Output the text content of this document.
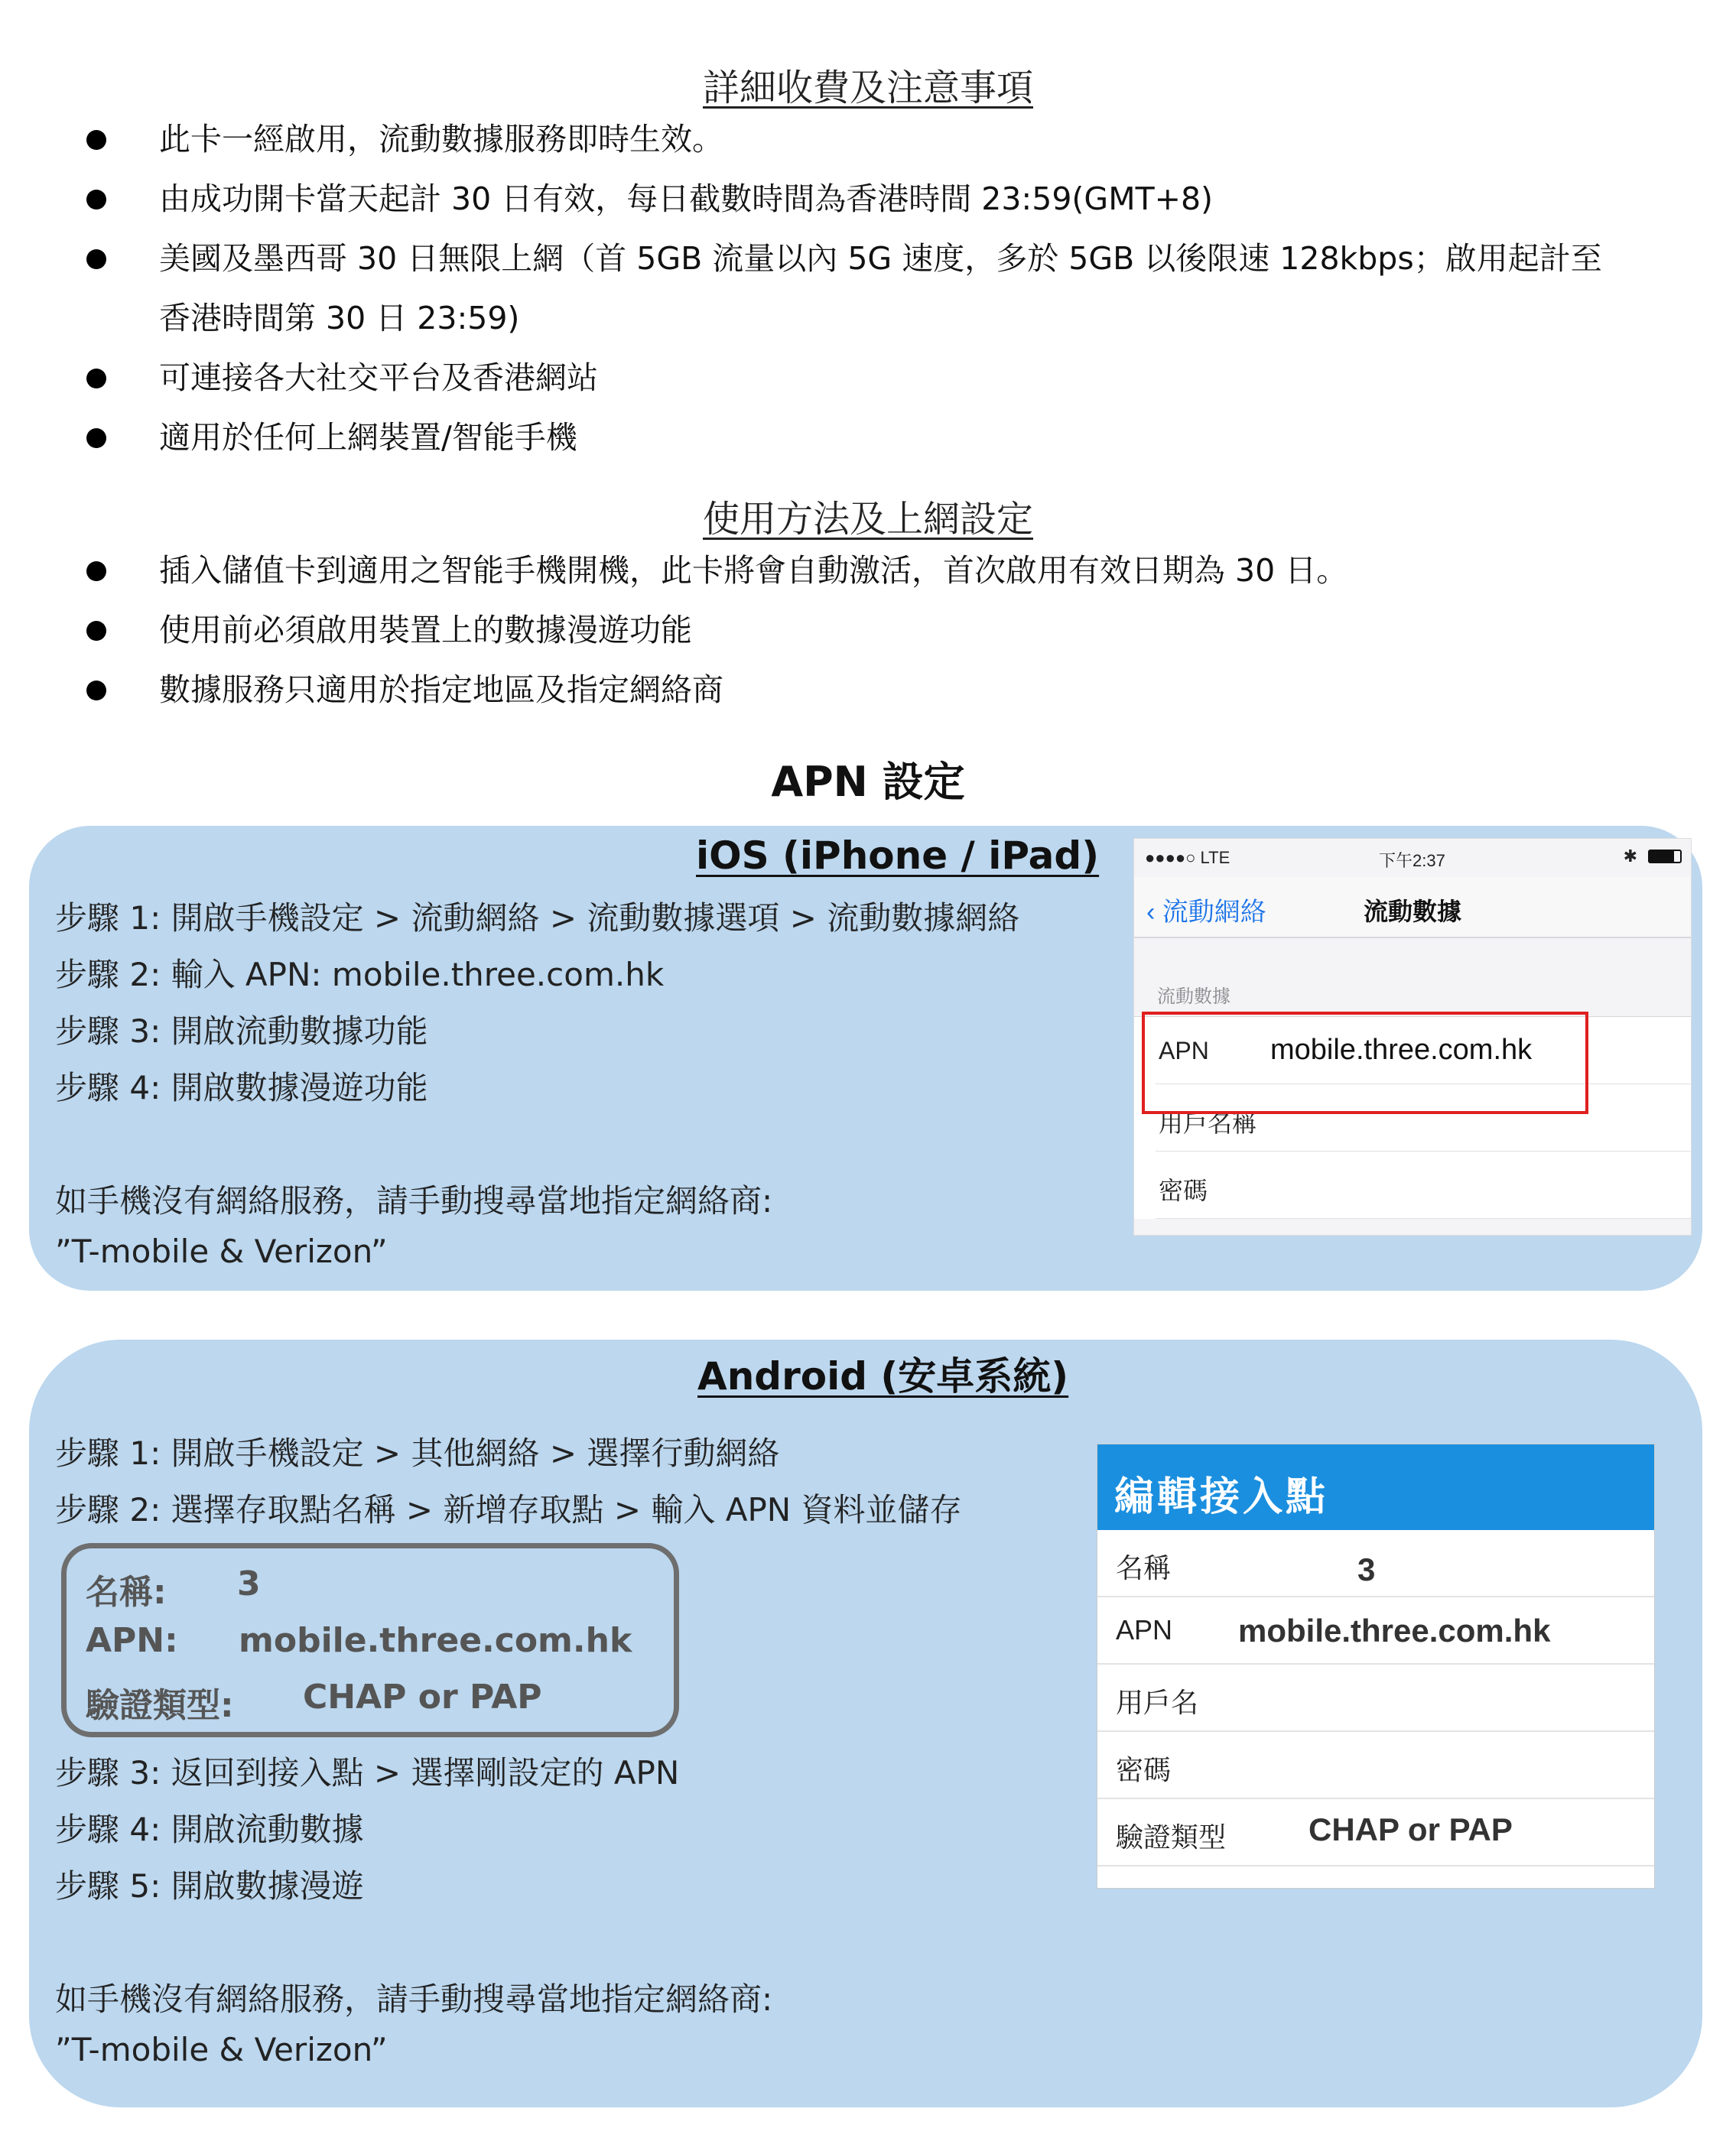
詳細收費及注意事項
此卡一經啟用，流動數據服務即時生效。
由成功開卡當天起計 30 日有效，每日截數時間為香港時間 23:59(GMT+8)
美國及墨西哥 30 日無限上網（首 5GB 流量以內 5G 速度，多於 5GB 以後限速 128kbps；啟用起計至
香港時間第 30 日 23:59)
可連接各大社交平台及香港網站
適用於任何上網裝置/智能手機
使用方法及上網設定
插入儲值卡到適用之智能手機開機，此卡將會自動激活，首次啟用有效日期為 30 日。
使用前必須啟用裝置上的數據漫遊功能
數據服務只適用於指定地區及指定網絡商
APN 設定
iOS (iPhone / iPad)
步驟 1: 開啟手機設定 > 流動網絡 > 流動數據選項 > 流動數據網絡
步驟 2: 輸入 APN: mobile.three.com.hk
步驟 3: 開啟流動數據功能
步驟 4: 開啟數據漫遊功能
如手機沒有網絡服務，請手動搜尋當地指定網絡商:
”T-mobile & Verizon”
●●●●○ LTE	下午2:37	✱
‹ 流動網絡	流動數據
流動數據
APN mobile.three.com.hk
用戶名稱
密碼
Android (安卓系統)
步驟 1: 開啟手機設定 > 其他網絡 > 選擇行動網絡
步驟 2: 選擇存取點名稱 > 新增存取點 > 輸入 APN 資料並儲存
名稱: 3
APN: mobile.three.com.hk
驗證類型: CHAP or PAP
步驟 3: 返回到接入點 > 選擇剛設定的 APN
步驟 4: 開啟流動數據
步驟 5: 開啟數據漫遊
如手機沒有網絡服務，請手動搜尋當地指定網絡商:
”T-mobile & Verizon”
編輯接入點
名稱	3
APN mobile.three.com.hk
用戶名
密碼
驗證類型	CHAP or PAP
